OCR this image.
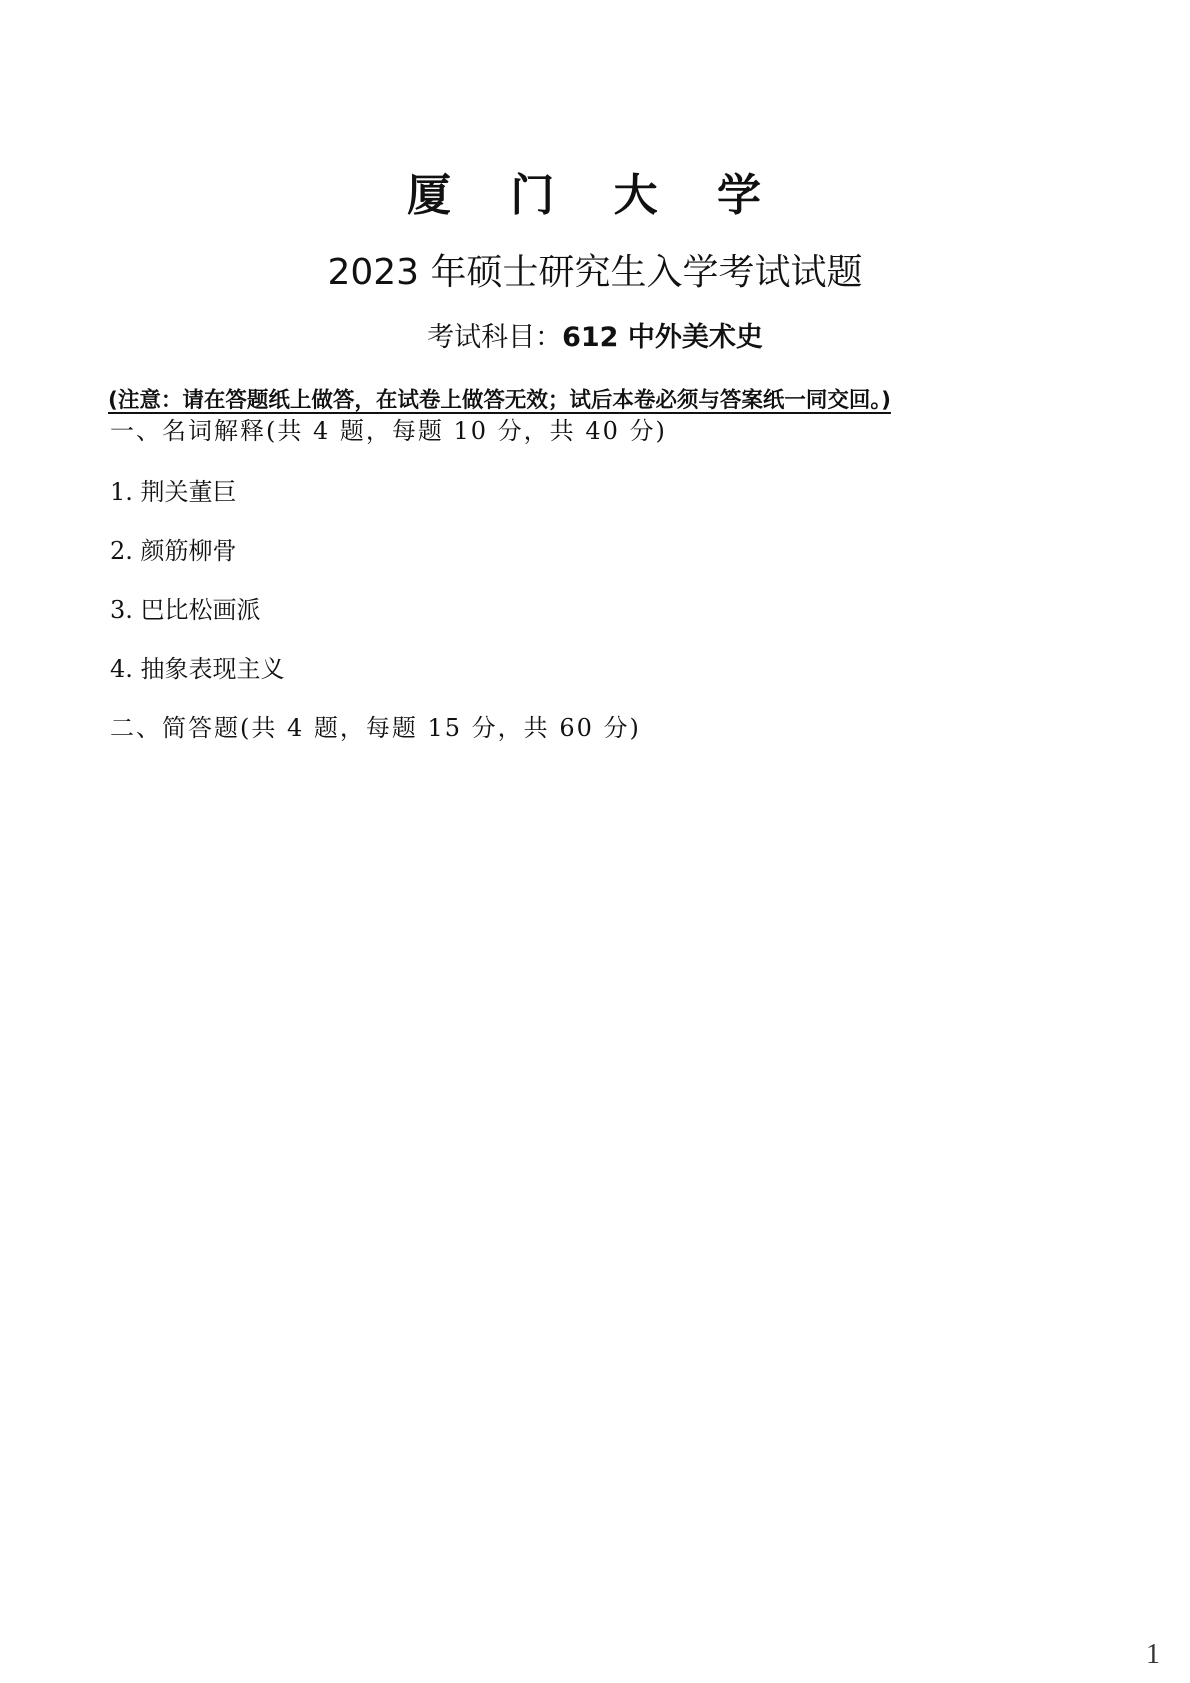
厦 门 大 学
2023 年硕士研究生入学考试试题
考试科目：612 中外美术史
(注意：请在答题纸上做答，在试卷上做答无效；试后本卷必须与答案纸一同交回。)
一、名词解释(共 4 题，每题 10 分，共 40 分)
1. 荆关董巨
2. 颜筋柳骨
3. 巴比松画派
4. 抽象表现主义
二、简答题(共 4 题，每题 15 分，共 60 分)
1
